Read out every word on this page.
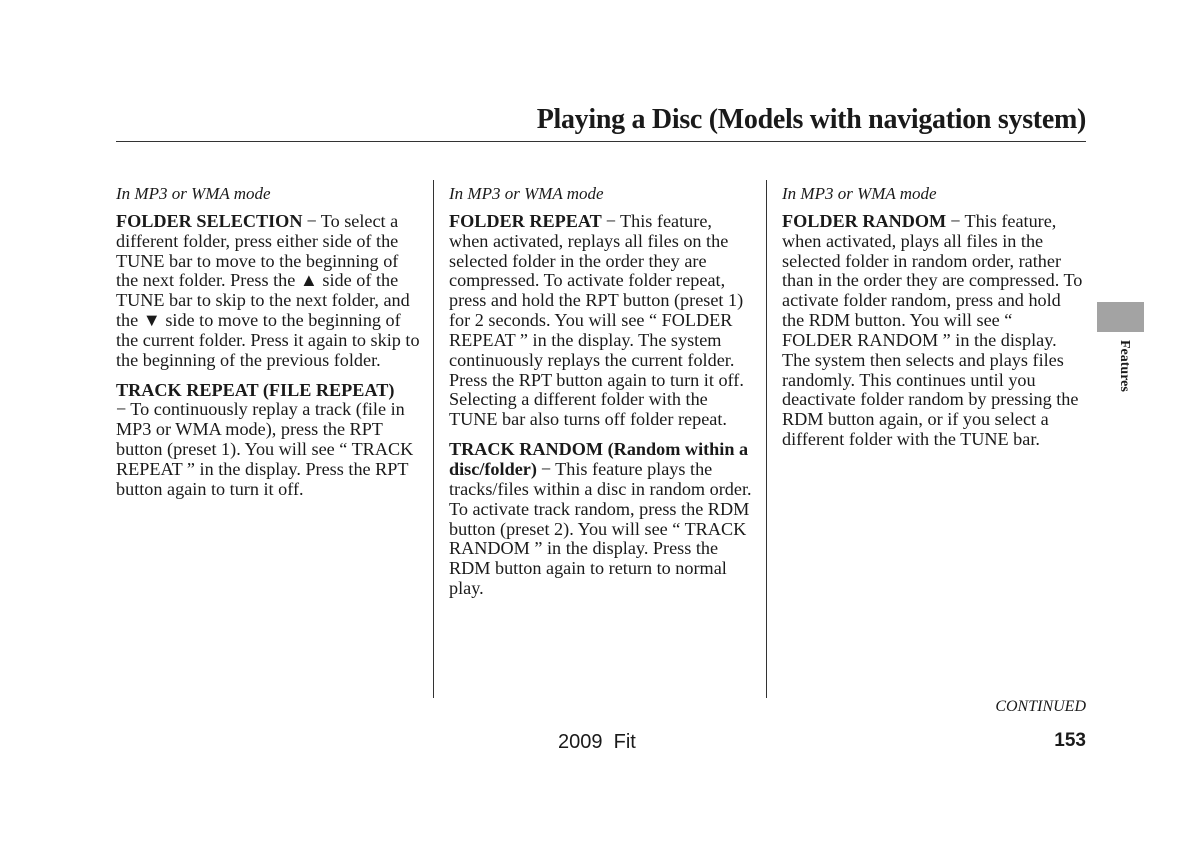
Playing a Disc (Models with navigation system)
In MP3 or WMA mode

FOLDER SELECTION − To select a different folder, press either side of the TUNE bar to move to the beginning of the next folder. Press the ▲ side of the TUNE bar to skip to the next folder, and the ▼ side to move to the beginning of the current folder. Press it again to skip to the beginning of the previous folder.

TRACK REPEAT (FILE REPEAT)
− To continuously replay a track (file in MP3 or WMA mode), press the RPT button (preset 1). You will see “ TRACK REPEAT ” in the display. Press the RPT button again to turn it off.

In MP3 or WMA mode

FOLDER REPEAT − This feature, when activated, replays all files on the selected folder in the order they are compressed. To activate folder repeat, press and hold the RPT button (preset 1) for 2 seconds. You will see “ FOLDER REPEAT ” in the display. The system continuously replays the current folder. Press the RPT button again to turn it off. Selecting a different folder with the TUNE bar also turns off folder repeat.

TRACK RANDOM (Random within a disc/folder) − This feature plays the tracks/files within a disc in random order. To activate track random, press the RDM button (preset 2). You will see “ TRACK RANDOM ” in the display. Press the RDM button again to return to normal play.

In MP3 or WMA mode

FOLDER RANDOM − This feature, when activated, plays all files in the selected folder in random order, rather than in the order they are compressed. To activate folder random, press and hold the RDM button. You will see “ FOLDER RANDOM ” in the display. The system then selects and plays files randomly. This continues until you deactivate folder random by pressing the RDM button again, or if you select a different folder with the TUNE bar.

Features
CONTINUED
2009  Fit	153
